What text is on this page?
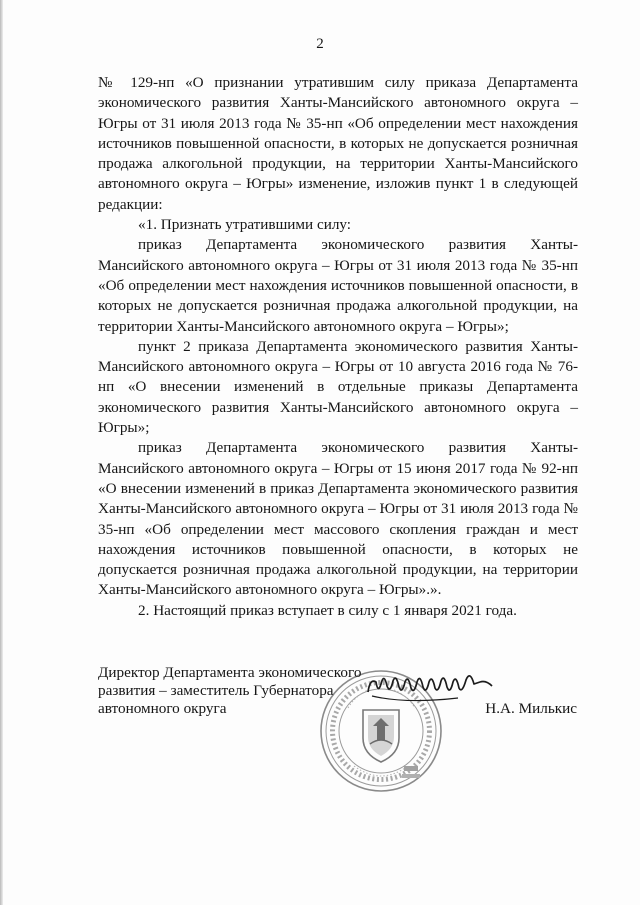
2

№ 129-нп «О признании утратившим силу приказа Департамента экономического развития Ханты-Мансийского автономного округа – Югры от 31 июля 2013 года № 35-нп «Об определении мест нахождения источников повышенной опасности, в которых не допускается розничная продажа алкогольной продукции, на территории Ханты-Мансийского автономного округа – Югры» изменение, изложив пункт 1 в следующей редакции:

«1. Признать утратившими силу:

приказ Департамента экономического развития Ханты-Мансийского автономного округа – Югры от 31 июля 2013 года № 35-нп «Об определении мест нахождения источников повышенной опасности, в которых не допускается розничная продажа алкогольной продукции, на территории Ханты-Мансийского автономного округа – Югры»;

пункт 2 приказа Департамента экономического развития Ханты-Мансийского автономного округа – Югры от 10 августа 2016 года № 76-нп «О внесении изменений в отдельные приказы Департамента экономического развития Ханты-Мансийского автономного округа – Югры»;

приказ Департамента экономического развития Ханты-Мансийского автономного округа – Югры от 15 июня 2017 года № 92-нп «О внесении изменений в приказ Департамента экономического развития Ханты-Мансийского автономного округа – Югры от 31 июля 2013 года № 35-нп «Об определении мест массового скопления граждан и мест нахождения источников повышенной опасности, в которых не допускается розничная продажа алкогольной продукции, на территории Ханты-Мансийского автономного округа – Югры».».

2. Настоящий приказ вступает в силу с 1 января 2021 года.

Директор Департамента экономического

развития – заместитель Губернатора

автономного округа	Н.А. Милькис
